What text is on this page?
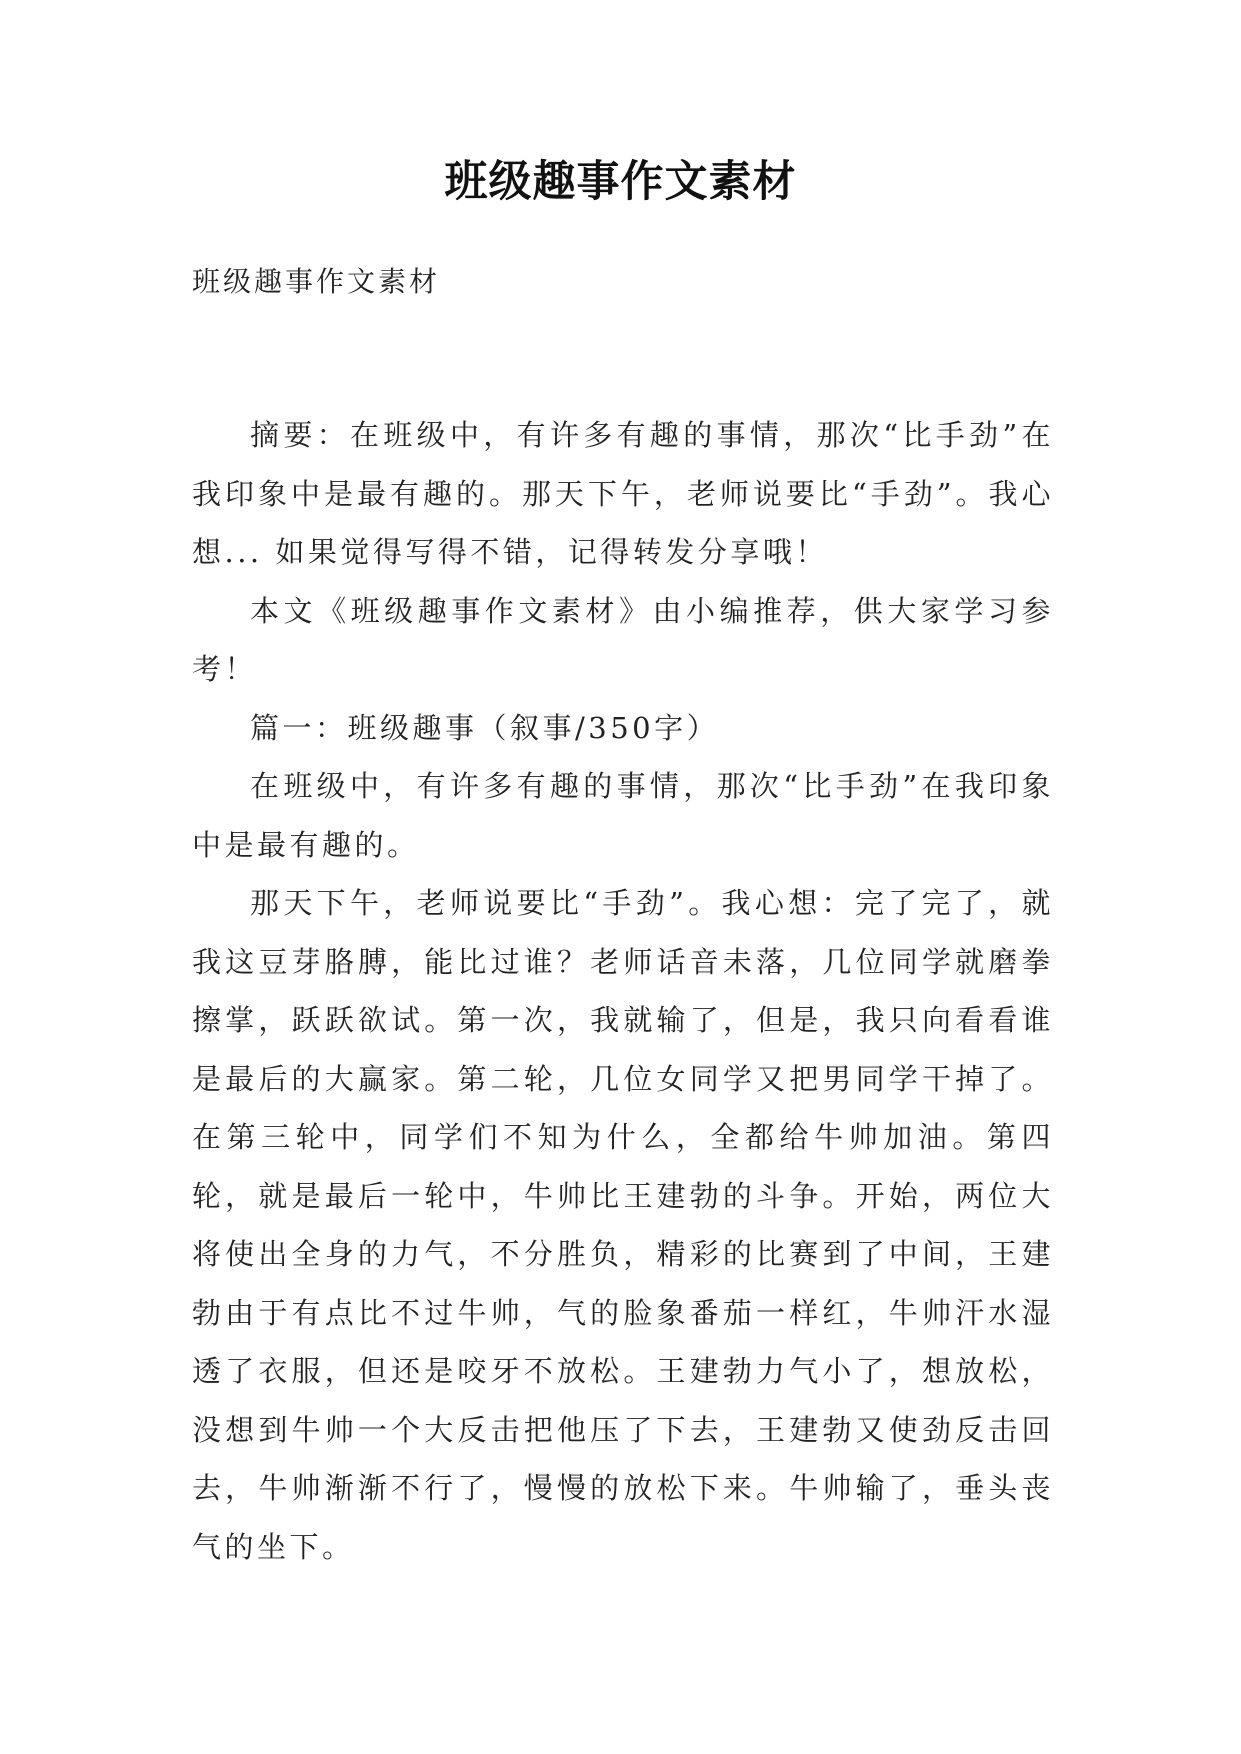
班级趣事作文素材

班级趣事作文素材

摘要：在班级中，有许多有趣的事情，那次“比手劲”在我印象中是最有趣的。那天下午，老师说要比“手劲”。我心想... 如果觉得写得不错，记得转发分享哦！

本文《班级趣事作文素材》由小编推荐，供大家学习参考！

篇一：班级趣事（叙事/350字）

在班级中，有许多有趣的事情，那次“比手劲”在我印象中是最有趣的。

那天下午，老师说要比“手劲”。我心想：完了完了，就我这豆芽胳膊，能比过谁？老师话音未落，几位同学就磨拳擦掌，跃跃欲试。第一次，我就输了，但是，我只向看看谁是最后的大赢家。第二轮，几位女同学又把男同学干掉了。在第三轮中，同学们不知为什么，全都给牛帅加油。第四轮，就是最后一轮中，牛帅比王建勃的斗争。开始，两位大将使出全身的力气，不分胜负，精彩的比赛到了中间，王建勃由于有点比不过牛帅，气的脸象番茄一样红，牛帅汗水湿透了衣服，但还是咬牙不放松。王建勃力气小了，想放松，没想到牛帅一个大反击把他压了下去，王建勃又使劲反击回去，牛帅渐渐不行了，慢慢的放松下来。牛帅输了，垂头丧气的坐下。
